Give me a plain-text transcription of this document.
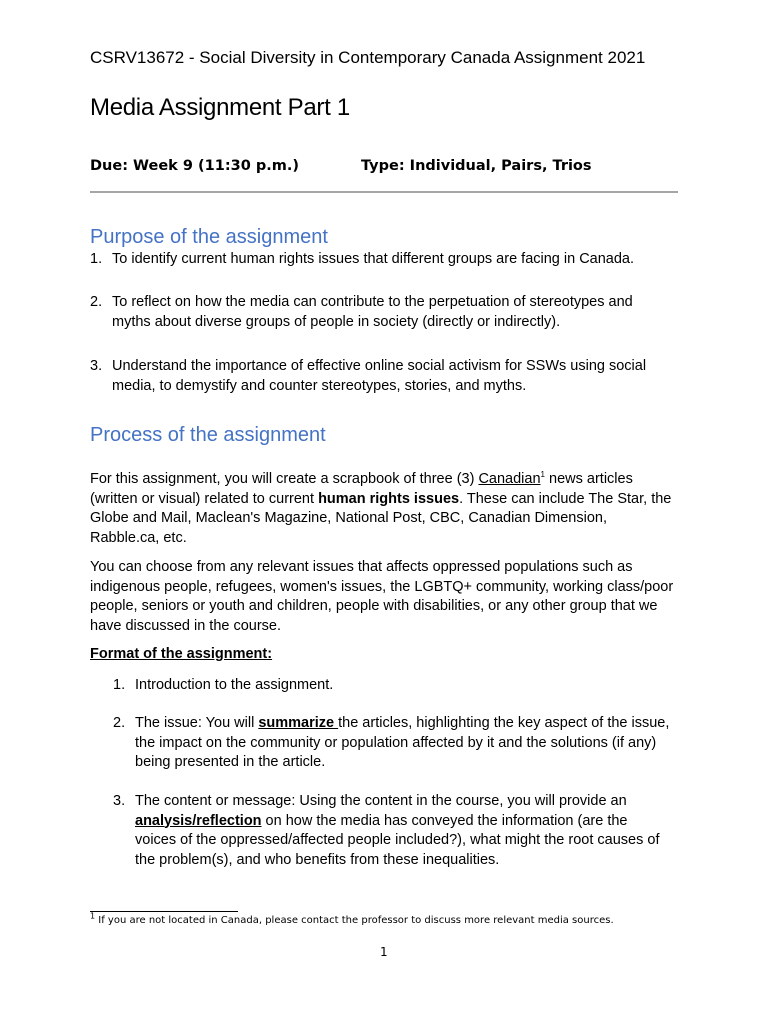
CSRV13672 - Social Diversity in Contemporary Canada Assignment 2021
Media Assignment Part 1
Due: Week 9 (11:30 p.m.)	Type: Individual, Pairs, Trios
Purpose of the assignment
1. To identify current human rights issues that different groups are facing in Canada.
2. To reflect on how the media can contribute to the perpetuation of stereotypes and myths about diverse groups of people in society (directly or indirectly).
3. Understand the importance of effective online social activism for SSWs using social media, to demystify and counter stereotypes, stories, and myths.
Process of the assignment
For this assignment, you will create a scrapbook of three (3) Canadian$^1$ news articles (written or visual) related to current human rights issues. These can include The Star, the Globe and Mail, Maclean's Magazine, National Post, CBC, Canadian Dimension, Rabble.ca, etc.
You can choose from any relevant issues that affects oppressed populations such as indigenous people, refugees, women's issues, the LGBTQ+ community, working class/poor people, seniors or youth and children, people with disabilities, or any other group that we have discussed in the course.
Format of the assignment:
1. Introduction to the assignment.
2. The issue: You will summarize the articles, highlighting the key aspect of the issue, the impact on the community or population affected by it and the solutions (if any) being presented in the article.
3. The content or message: Using the content in the course, you will provide an analysis/reflection on how the media has conveyed the information (are the voices of the oppressed/affected people included?), what might the root causes of the problem(s), and who benefits from these inequalities.
$^1$ If you are not located in Canada, please contact the professor to discuss more relevant media sources.
1
